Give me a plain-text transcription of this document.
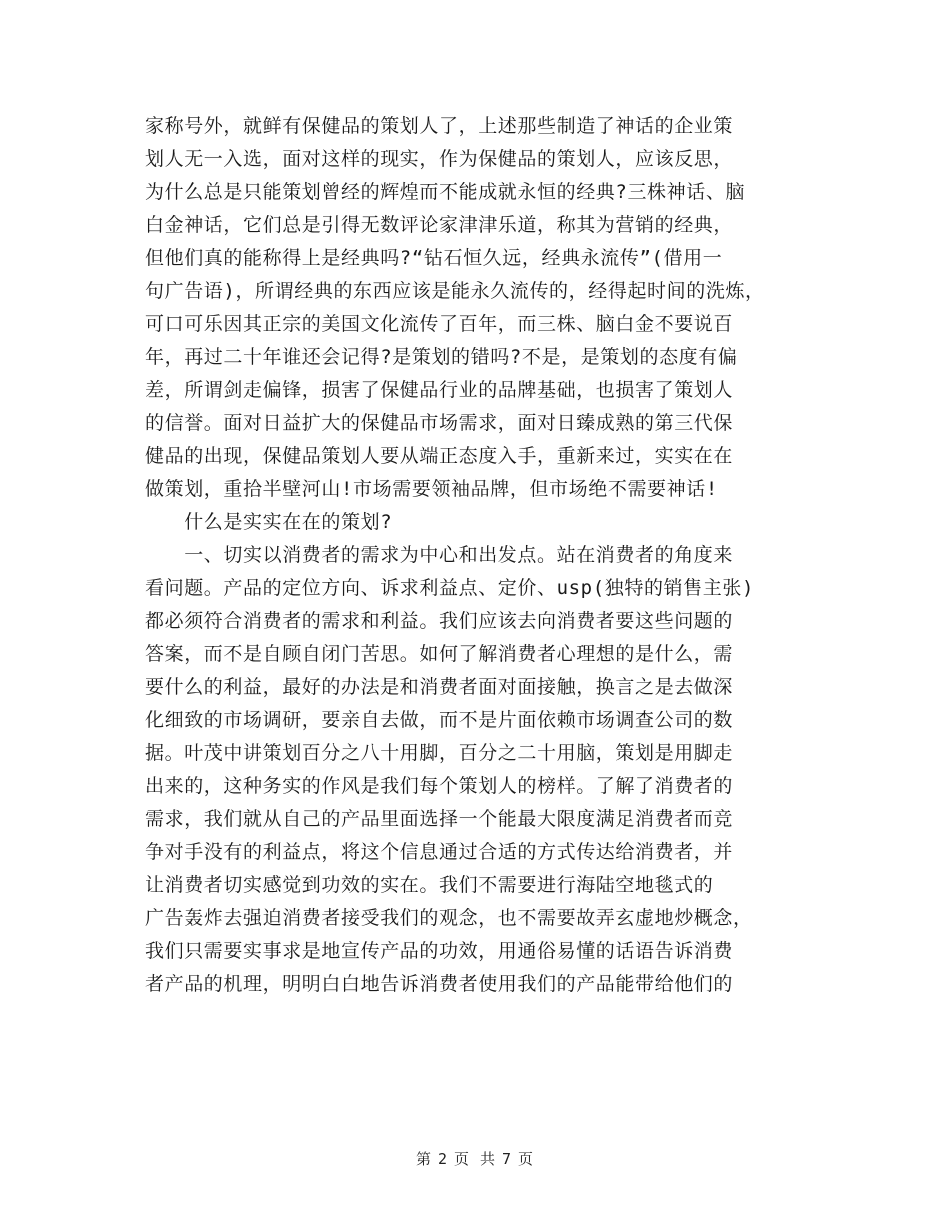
家称号外，就鲜有保健品的策划人了，上述那些制造了神话的企业策
划人无一入选，面对这样的现实，作为保健品的策划人，应该反思，
为什么总是只能策划曾经的辉煌而不能成就永恒的经典?三株神话、脑
白金神话，它们总是引得无数评论家津津乐道，称其为营销的经典，
但他们真的能称得上是经典吗?“钻石恒久远，经典永流传”(借用一
句广告语)，所谓经典的东西应该是能永久流传的，经得起时间的洗炼，
可口可乐因其正宗的美国文化流传了百年，而三株、脑白金不要说百
年，再过二十年谁还会记得?是策划的错吗?不是，是策划的态度有偏
差，所谓剑走偏锋，损害了保健品行业的品牌基础，也损害了策划人
的信誉。面对日益扩大的保健品市场需求，面对日臻成熟的第三代保
健品的出现，保健品策划人要从端正态度入手，重新来过，实实在在
做策划，重拾半壁河山!市场需要领袖品牌，但市场绝不需要神话!
　　什么是实实在在的策划?
　　一、切实以消费者的需求为中心和出发点。站在消费者的角度来
看问题。产品的定位方向、诉求利益点、定价、usp(独特的销售主张)
都必须符合消费者的需求和利益。我们应该去向消费者要这些问题的
答案，而不是自顾自闭门苦思。如何了解消费者心理想的是什么，需
要什么的利益，最好的办法是和消费者面对面接触，换言之是去做深
化细致的市场调研，要亲自去做，而不是片面依赖市场调查公司的数
据。叶茂中讲策划百分之八十用脚，百分之二十用脑，策划是用脚走
出来的，这种务实的作风是我们每个策划人的榜样。了解了消费者的
需求，我们就从自己的产品里面选择一个能最大限度满足消费者而竞
争对手没有的利益点，将这个信息通过合适的方式传达给消费者，并
让消费者切实感觉到功效的实在。我们不需要进行海陆空地毯式的
广告轰炸去强迫消费者接受我们的观念，也不需要故弄玄虚地炒概念，
我们只需要实事求是地宣传产品的功效，用通俗易懂的话语告诉消费
者产品的机理，明明白白地告诉消费者使用我们的产品能带给他们的
第 2 页 共 7 页
